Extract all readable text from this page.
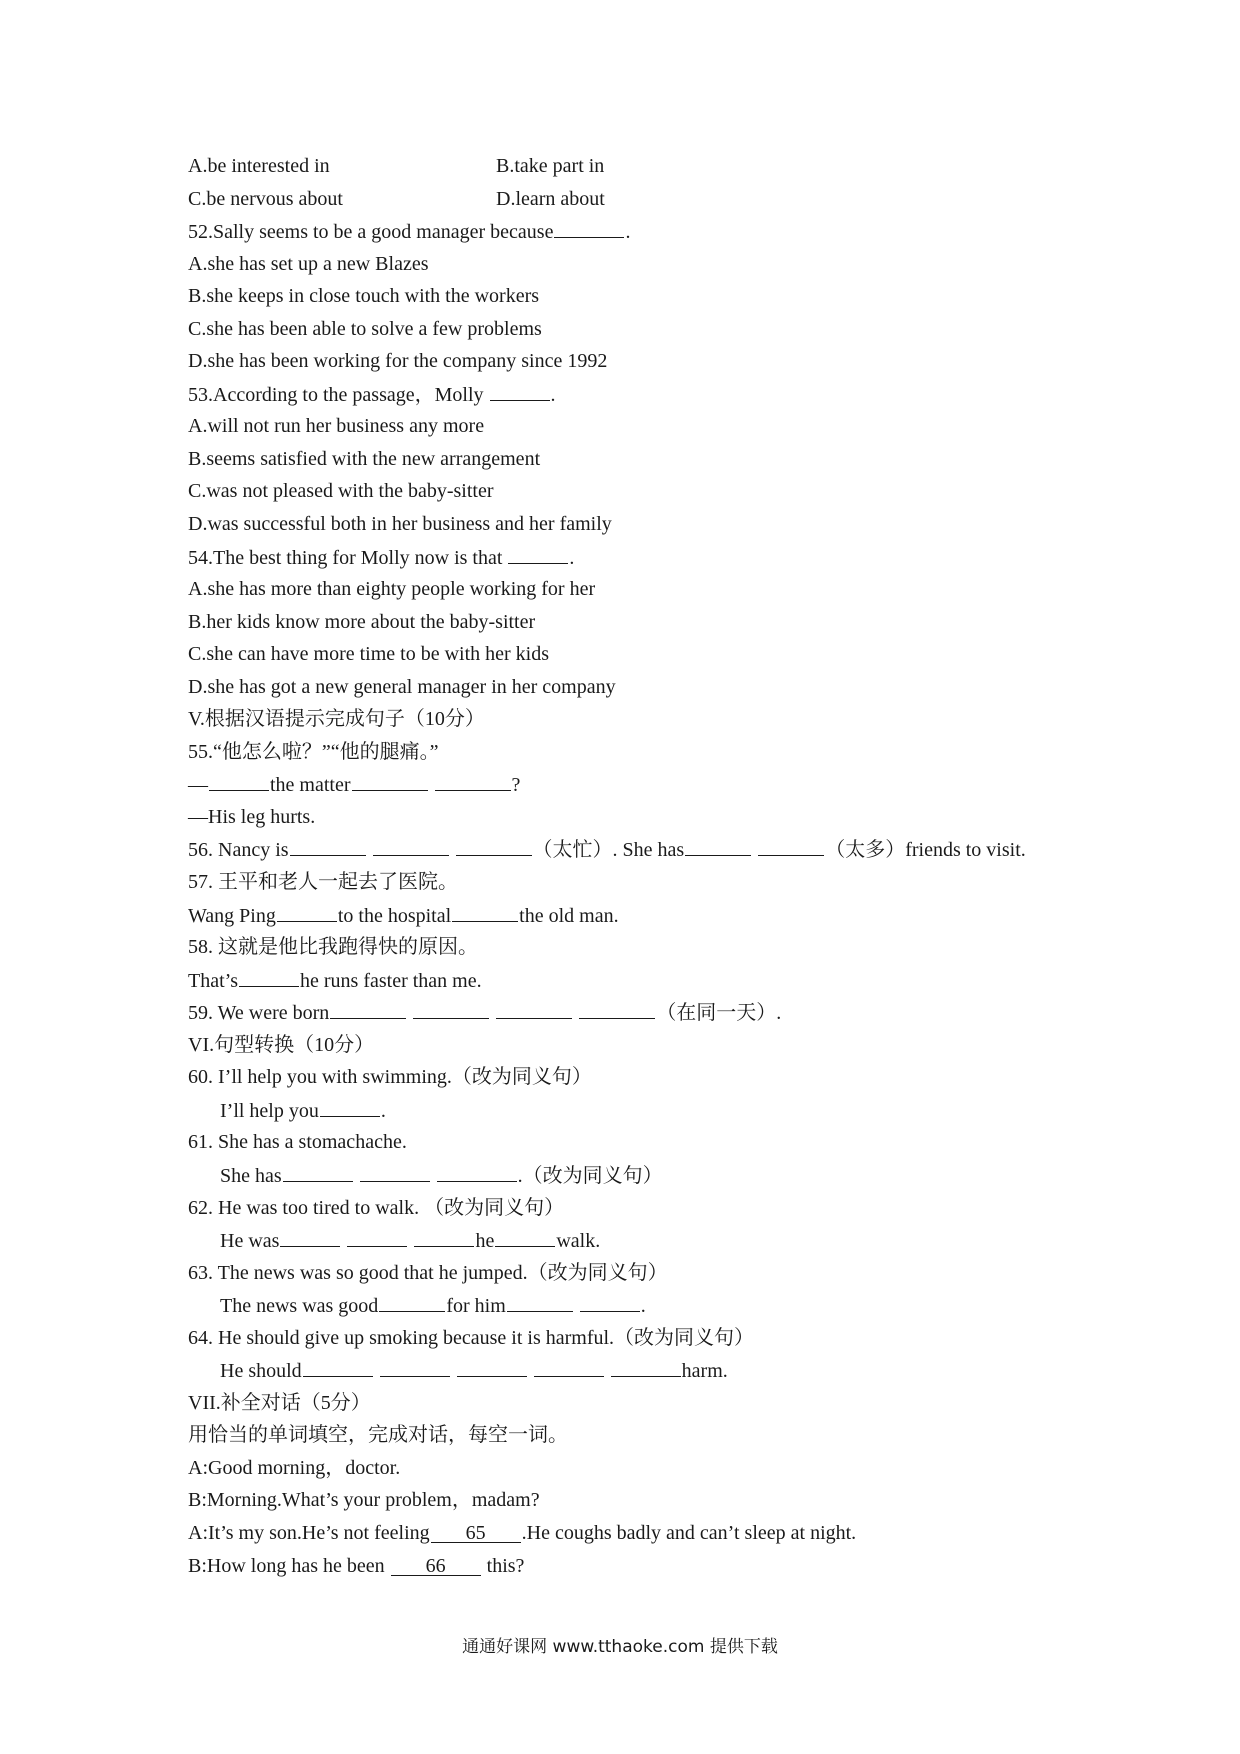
A.be interested in	B.take part in
C.be nervous about	D.learn about
52.Sally seems to be a good manager because	.
A.she has set up a new Blazes
B.she keeps in close touch with the workers
C.she has been able to solve a few problems
D.she has been working for the company since 1992
53.According to the passage，Molly	.
A.will not run her business any more
B.seems satisfied with the new arrangement
C.was not pleased with the baby-sitter
D.was successful both in her business and her family
54.The best thing for Molly now is that	.
A.she has more than eighty people working for her
B.her kids know more about the baby-sitter
C.she can have more time to be with her kids
D.she has got a new general manager in her company
V.根据汉语提示完成句子（10分）
55.“他怎么啦？”“他的腿痛。”
—	the matter	?
—His leg hurts.
56. Nancy is	（太忙）. She has	（太多）friends to visit.
57. 王平和老人一起去了医院。
Wang Ping	to the hospital	the old man.
58. 这就是他比我跑得快的原因。
That’s	he runs faster than me.
59. We were born	（在同一天）.
VI.句型转换（10分）
60. I’ll help you with swimming.（改为同义句）
I’ll help you	.
61. She has a stomachache.
She has	.（改为同义句）
62. He was too tired to walk. （改为同义句）
He was	he	walk.
63. The news was so good that he jumped.（改为同义句）
The news was good	for him	.
64. He should give up smoking because it is harmful.（改为同义句）
He should	harm.
VII.补全对话（5分）
用恰当的单词填空，完成对话，每空一词。
A:Good morning，doctor.
B:Morning.What’s your problem，madam?
A:It’s my son.He’s not feeling 65 .He coughs badly and can’t sleep at night.
B:How long has he been 66 this?
通通好课网 www.tthaoke.com 提供下载
